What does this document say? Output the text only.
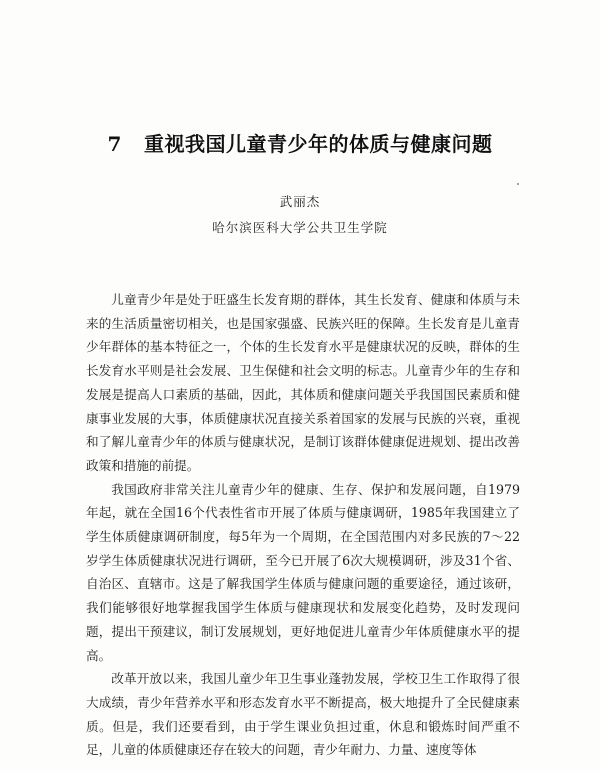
7 重视我国儿童青少年的体质与健康问题
武丽杰
哈尔滨医科大学公共卫生学院

儿童青少年是处于旺盛生长发育期的群体，其生长发育、健康和体质与未来的生活质量密切相关，也是国家强盛、民族兴旺的保障。生长发育是儿童青少年群体的基本特征之一，个体的生长发育水平是健康状况的反映，群体的生长发育水平则是社会发展、卫生保健和社会文明的标志。儿童青少年的生存和发展是提高人口素质的基础，因此，其体质和健康问题关乎我国国民素质和健康事业发展的大事，体质健康状况直接关系着国家的发展与民族的兴衰，重视和了解儿童青少年的体质与健康状况，是制订该群体健康促进规划、提出改善政策和措施的前提。

我国政府非常关注儿童青少年的健康、生存、保护和发展问题，自1979年起，就在全国16个代表性省市开展了体质与健康调研，1985年我国建立了学生体质健康调研制度，每5年为一个周期，在全国范围内对多民族的7～22岁学生体质健康状况进行调研，至今已开展了6次大规模调研，涉及31个省、自治区、直辖市。这是了解我国学生体质与健康问题的重要途径，通过该研，我们能够很好地掌握我国学生体质与健康现状和发展变化趋势，及时发现问题，提出干预建议，制订发展规划，更好地促进儿童青少年体质健康水平的提高。

改革开放以来，我国儿童少年卫生事业蓬勃发展，学校卫生工作取得了很大成绩，青少年营养水平和形态发育水平不断提高，极大地提升了全民健康素质。但是，我们还要看到，由于学生课业负担过重，休息和锻炼时间严重不足，儿童的体质健康还存在较大的问题，青少年耐力、力量、速度等体
